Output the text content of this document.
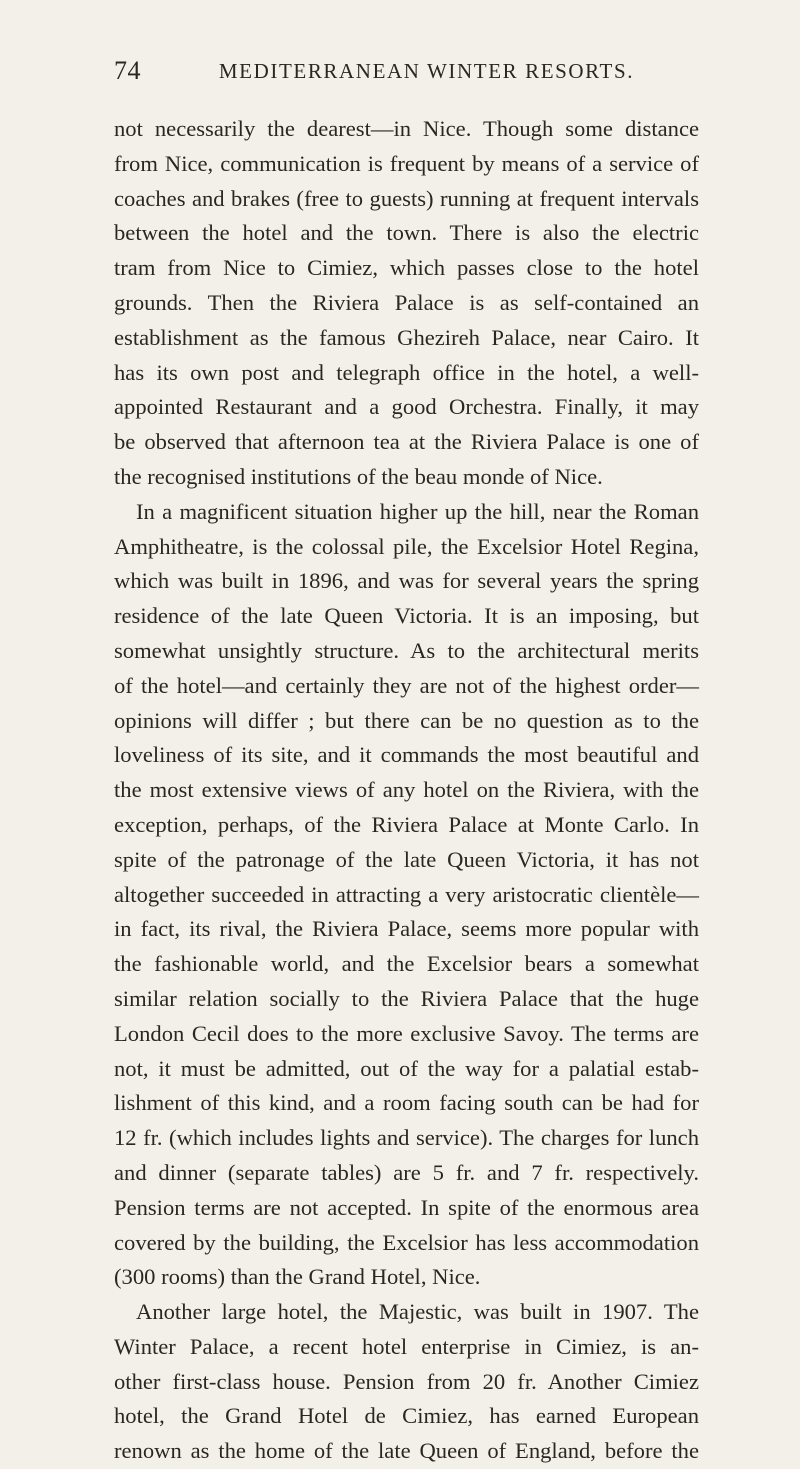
74	MEDITERRANEAN WINTER RESORTS.
not necessarily the dearest—in Nice. Though some distance
from Nice, communication is frequent by means of a service of
coaches and brakes (free to guests) running at frequent intervals
between the hotel and the town. There is also the electric
tram from Nice to Cimiez, which passes close to the hotel
grounds. Then the Riviera Palace is as self-contained an
establishment as the famous Ghezireh Palace, near Cairo. It
has its own post and telegraph office in the hotel, a well-
appointed Restaurant and a good Orchestra. Finally, it may
be observed that afternoon tea at the Riviera Palace is one of
the recognised institutions of the beau monde of Nice.
In a magnificent situation higher up the hill, near the Roman
Amphitheatre, is the colossal pile, the Excelsior Hotel Regina,
which was built in 1896, and was for several years the spring
residence of the late Queen Victoria. It is an imposing, but
somewhat unsightly structure. As to the architectural merits
of the hotel—and certainly they are not of the highest order—
opinions will differ ; but there can be no question as to the
loveliness of its site, and it commands the most beautiful and
the most extensive views of any hotel on the Riviera, with the
exception, perhaps, of the Riviera Palace at Monte Carlo. In
spite of the patronage of the late Queen Victoria, it has not
altogether succeeded in attracting a very aristocratic clientèle—
in fact, its rival, the Riviera Palace, seems more popular with
the fashionable world, and the Excelsior bears a somewhat
similar relation socially to the Riviera Palace that the huge
London Cecil does to the more exclusive Savoy. The terms are
not, it must be admitted, out of the way for a palatial estab-
lishment of this kind, and a room facing south can be had for
12 fr. (which includes lights and service). The charges for lunch
and dinner (separate tables) are 5 fr. and 7 fr. respectively.
Pension terms are not accepted. In spite of the enormous area
covered by the building, the Excelsior has less accommodation
(300 rooms) than the Grand Hotel, Nice.
Another large hotel, the Majestic, was built in 1907. The
Winter Palace, a recent hotel enterprise in Cimiez, is an-
other first-class house. Pension from 20 fr. Another Cimiez
hotel, the Grand Hotel de Cimiez, has earned European
renown as the home of the late Queen of England, before the
